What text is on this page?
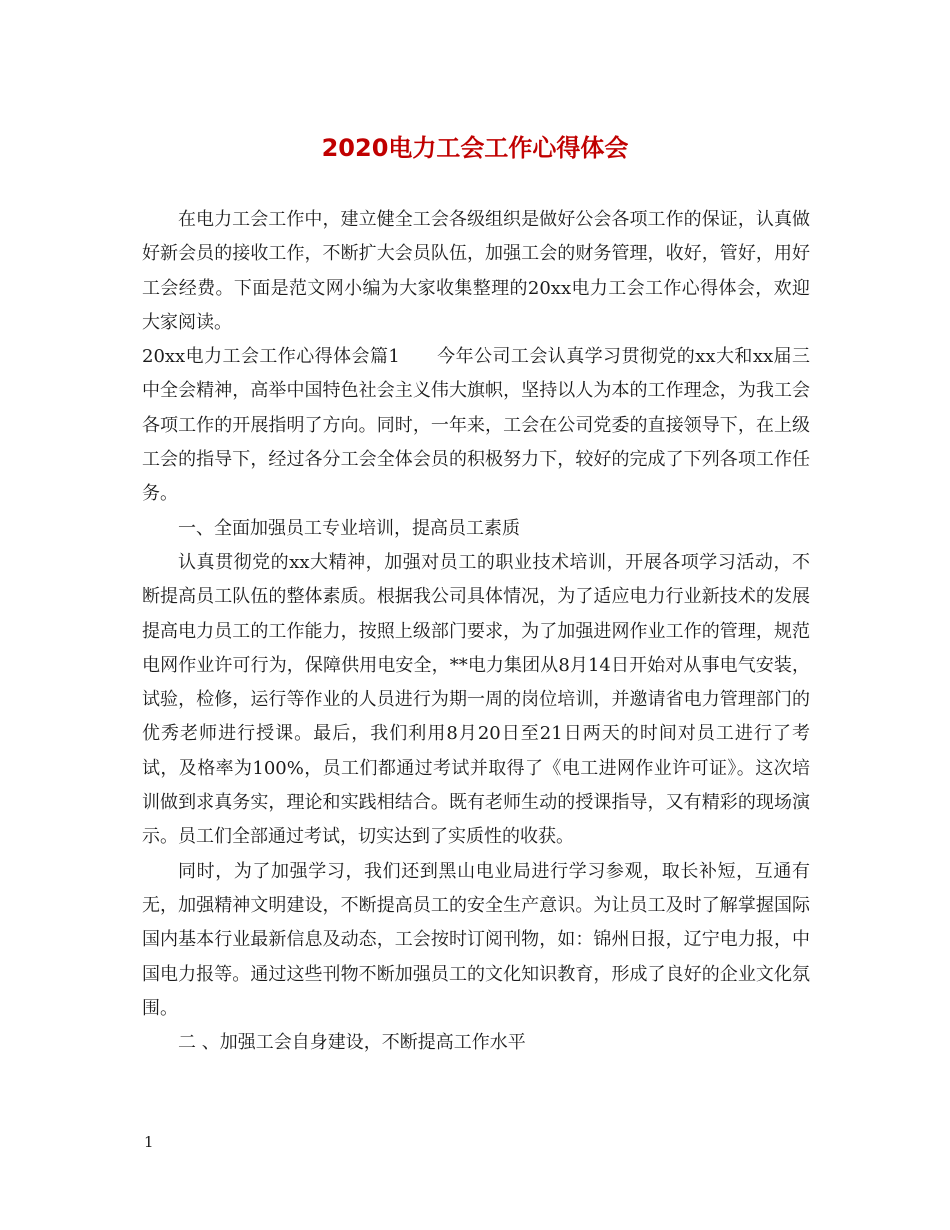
2020电力工会工作心得体会

在电力工会工作中，建立健全工会各级组织是做好公会各项工作的保证，认真做好新会员的接收工作，不断扩大会员队伍，加强工会的财务管理，收好，管好，用好工会经费。下面是范文网小编为大家收集整理的20xx电力工会工作心得体会，欢迎大家阅读。

20xx电力工会工作心得体会篇1　　今年公司工会认真学习贯彻党的xx大和xx届三中全会精神，高举中国特色社会主义伟大旗帜，坚持以人为本的工作理念，为我工会各项工作的开展指明了方向。同时，一年来，工会在公司党委的直接领导下，在上级工会的指导下，经过各分工会全体会员的积极努力下，较好的完成了下列各项工作任务。

一、全面加强员工专业培训，提高员工素质

认真贯彻党的xx大精神，加强对员工的职业技术培训，开展各项学习活动，不断提高员工队伍的整体素质。根据我公司具体情况，为了适应电力行业新技术的发展提高电力员工的工作能力，按照上级部门要求，为了加强进网作业工作的管理，规范电网作业许可行为，保障供用电安全，**电力集团从8月14日开始对从事电气安装，试验，检修，运行等作业的人员进行为期一周的岗位培训，并邀请省电力管理部门的优秀老师进行授课。最后，我们利用8月20日至21日两天的时间对员工进行了考试，及格率为100%，员工们都通过考试并取得了《电工进网作业许可证》。这次培训做到求真务实，理论和实践相结合。既有老师生动的授课指导，又有精彩的现场演示。员工们全部通过考试，切实达到了实质性的收获。

同时，为了加强学习，我们还到黑山电业局进行学习参观，取长补短，互通有无，加强精神文明建设，不断提高员工的安全生产意识。为让员工及时了解掌握国际国内基本行业最新信息及动态，工会按时订阅刊物，如：锦州日报，辽宁电力报，中国电力报等。通过这些刊物不断加强员工的文化知识教育，形成了良好的企业文化氛围。

二 、加强工会自身建设，不断提高工作水平

1
